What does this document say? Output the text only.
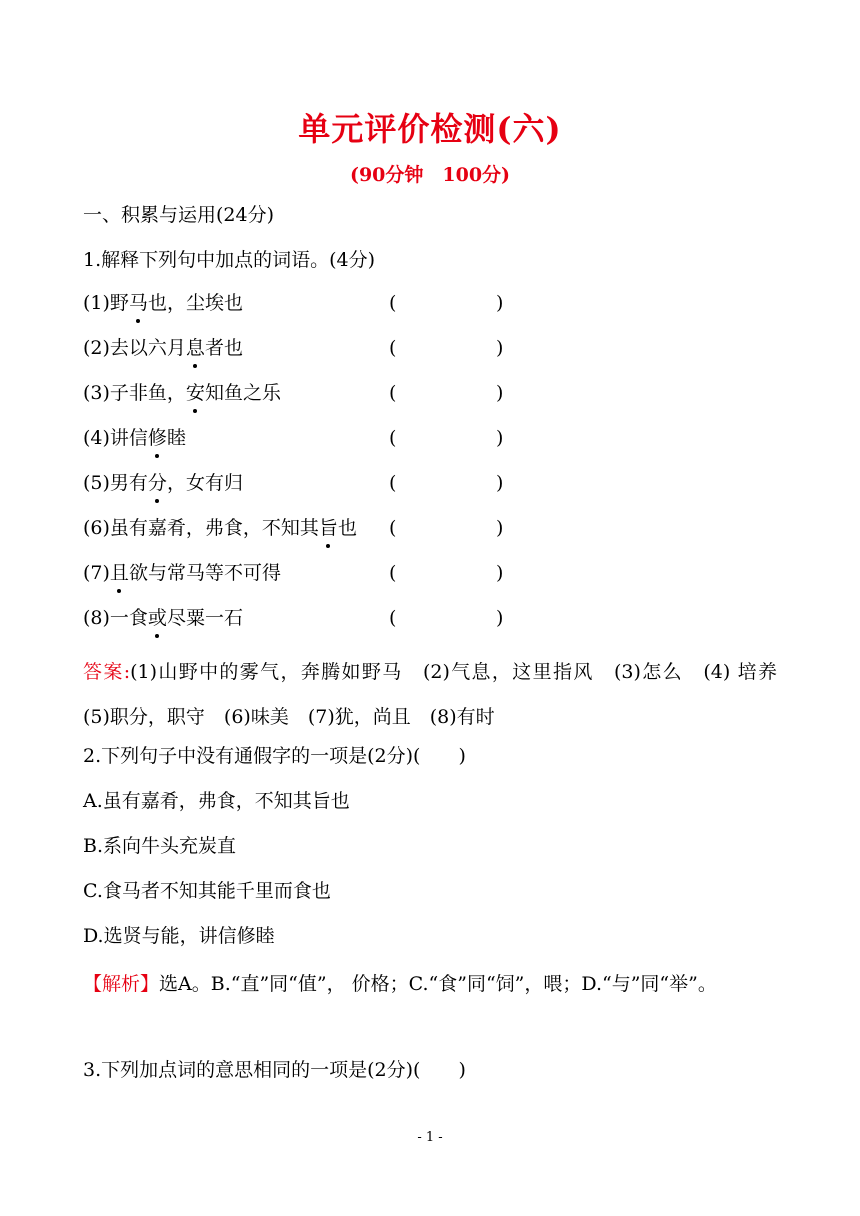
单元评价检测(六)
(90分钟　100分)
一、积累与运用(24分)
1.解释下列句中加点的词语。(4分)
(1)野马也，尘埃也	(	)
(2)去以六月息者也	(	)
(3)子非鱼，安知鱼之乐	(	)
(4)讲信修睦	(	)
(5)男有分，女有归	(	)
(6)虽有嘉肴，弗食，不知其旨也 (	)
(7)且欲与常马等不可得	(	)
(8)一食或尽粟一石	(	)
答案:(1)山野中的雾气，奔腾如野马　(2)气息，这里指风　(3)怎么　(4) 培养　(5)职分，职守　(6)味美　(7)犹，尚且　(8)有时
2.下列句子中没有通假字的一项是(2分)(　　)
A.虽有嘉肴，弗食，不知其旨也
B.系向牛头充炭直
C.食马者不知其能千里而食也
D.选贤与能，讲信修睦
【解析】选A。B.“直”同“值”， 价格；C.“食”同“饲”，喂；D.“与”同“举”。
3.下列加点词的意思相同的一项是(2分)(　　)
- 1 -
